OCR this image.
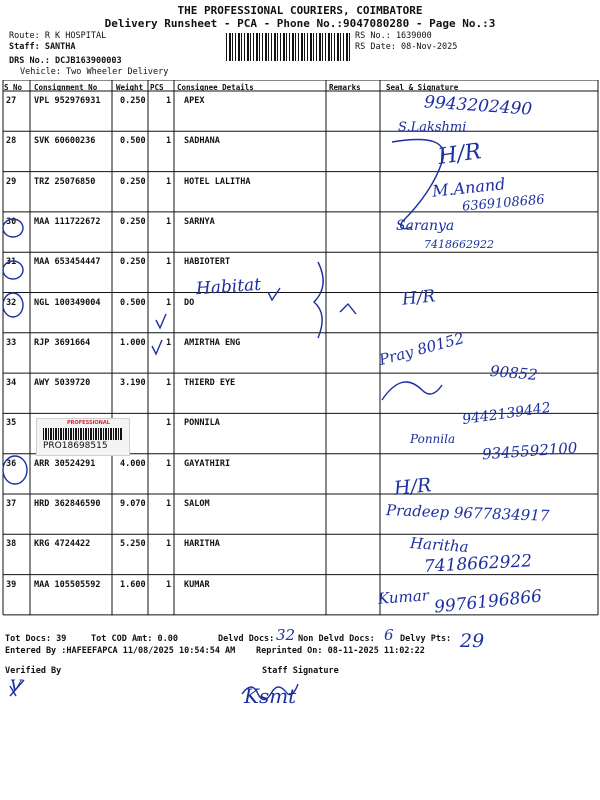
THE PROFESSIONAL COURIERS, COIMBATORE
Delivery Runsheet - PCA - Phone No.:9047080280 - Page No.:3
Route: R K HOSPITAL
Staff: SANTHA
DRS No.: DCJB163900003
Vehicle: Two Wheeler Delivery
RS No.: 1639000
RS Date: 08-Nov-2025
S No Consignment No	Weight PCS Consignee Details	Remarks	Seal & Signature
27 VPL 952976931 0.250 1 APEX
28 SVK 60600236	0.500 1 SADHANA
29 TRZ 25076850	0.250 1 HOTEL LALITHA
30 MAA 111722672 0.250 1 SARNYA
31 MAA 653454447 0.250 1 HABIOTERT
32 NGL 100349004 0.500 1 DO
33 RJP 3691664	1.000 1 AMIRTHA ENG
34 AWY 5039720	3.190 1 THIERD EYE
35	1 PONNILA
36 ARR 30524291	4.000 1 GAYATHIRI
37 HRD 362846590 9.070 1 SALOM
38 KRG 4724422	5.250 1 HARITHA
39 MAA 105505592 1.600 1 KUMAR
PROFESSIONAL
PRO18698515
9943202490
S.Lakshmi
H/R
M.Anand
6369108686
Saranya
7418662922
Habitat	H/R
Pray 80152
90852
9442139442
Ponnila 9345592100
H/R
Pradeep 9677834917
Haritha
7418662922
Kumar 9976196866
Tot Docs: 39	Tot COD Amt: 0.00	Delvd Docs: 32 Non Delvd Docs: 6 Delvy Pts: 29
Entered By :HAFEEFAPCA 11/08/2025 10:54:54 AM Reprinted On: 08-11-2025 11:02:22
Verified By	Staff Signature
Ksmt
V
